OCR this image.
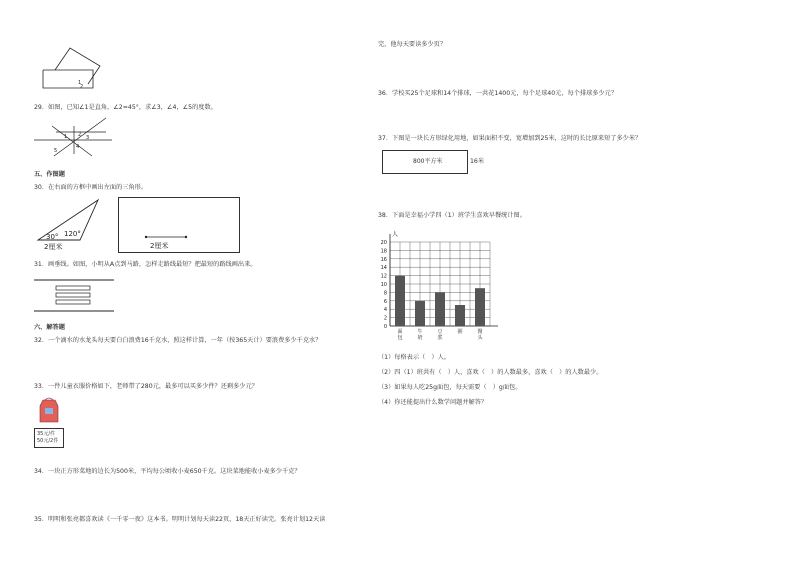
1
2
29．如图，已知∠1是直角，∠2=45°，求∠3，∠4，∠5的度数。
1 2 3
4
5
五、作图题
30．在右面的方框中画出左面的三角形。
30° 120°
2厘米	2厘米
31．画垂线。如图，小明从A点到马路，怎样走路线最短？把最短的路线画出来。
六、解答题
32．一个滴水的水龙头每天要白白浪费16千克水，照这样计算，一年（按365天计）要浪费多少千克水？
33．一件儿童衣服价格如下，老师带了280元，最多可以买多少件？还剩多少元？
35元/件
50元/2件
34．一块正方形菜地的边长为500米，平均每公顷收小麦650千克。这块菜地能收小麦多少千克？
35．明明和张亮都喜欢读《一千零一夜》这本书。明明计划每天读22页，18天正好读完。张亮计划12天读
完，他每天要读多少页？
36．学校买25个足球和14个排球，一共花1400元，每个足球40元，每个排球多少元？
37．下图是一块长方形绿化用地，如果面积不变，宽增加到25米，这时的长比原来短了多少米？
800平方米	16米
38．下面是幸福小学四（1）班学生喜欢早餐统计图。
0
2
4
6
8
10
12
14
16
18
20
人
面
包
牛
奶
豆
浆
粥	馒
头
（1）每格表示（　）人。
（2）四（1）班共有（　）人，喜欢（　）的人数最多，喜欢（　）的人数最少。
（3）如果每人吃25g面包，每天需要（　）g面包。
（4）你还能提出什么数学问题并解答？
